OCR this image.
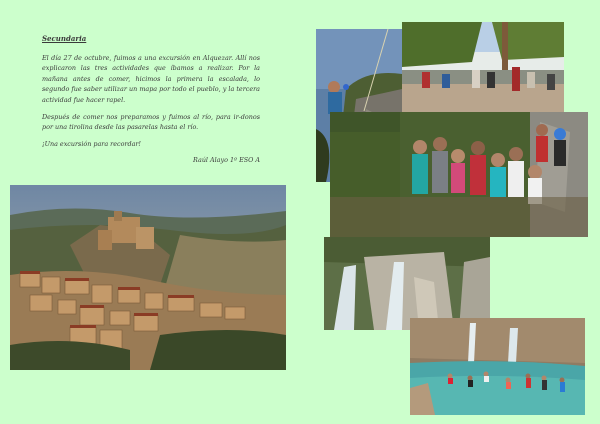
Secundaria

El día 27 de octubre, fuimos a una excursión en Alquezar. Allí nos explicaron las tres actividades que íbamos a realizar. Por la mañana antes de comer, hicimos la primera la escalada, lo segundo fue saber utilizar un mapa por todo el pueblo, y la tercera actividad fue hacer rapel.

Después de comer nos preparamos y fuimos al río, para ir-donos por una tirolina desde las pasarelas hasta el río.

¡Una excursión para recordar!

Raúl Alayo 1º ESO A
